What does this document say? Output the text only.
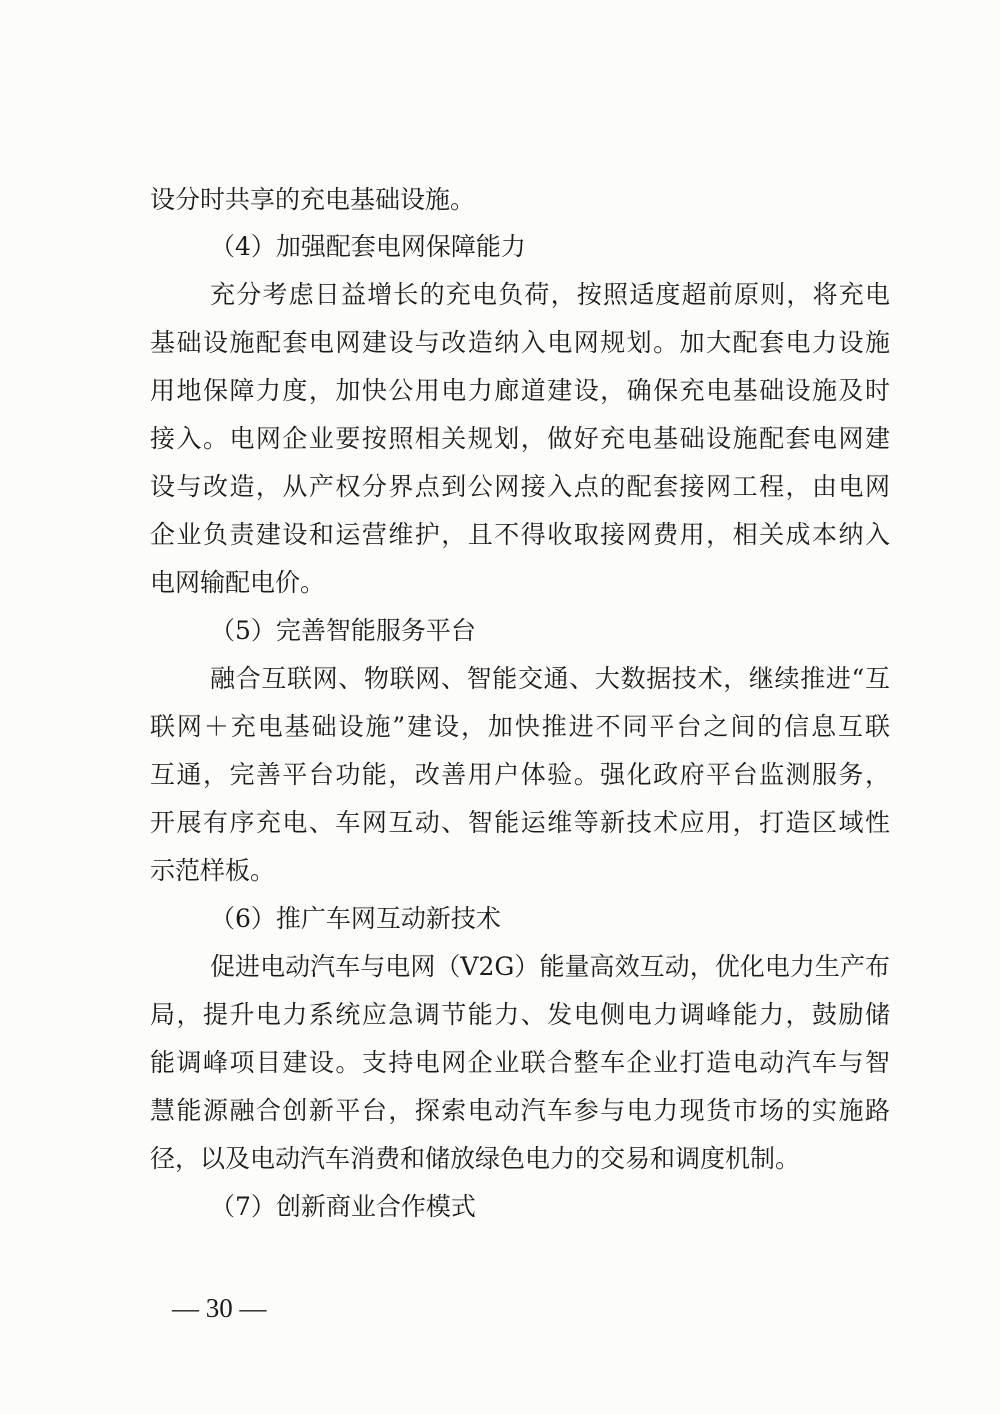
设分时共享的充电基础设施。

（4）加强配套电网保障能力

充分考虑日益增长的充电负荷，按照适度超前原则，将充电

基础设施配套电网建设与改造纳入电网规划。加大配套电力设施

用地保障力度，加快公用电力廊道建设，确保充电基础设施及时

接入。电网企业要按照相关规划，做好充电基础设施配套电网建

设与改造，从产权分界点到公网接入点的配套接网工程，由电网

企业负责建设和运营维护，且不得收取接网费用，相关成本纳入

电网输配电价。

（5）完善智能服务平台

融合互联网、物联网、智能交通、大数据技术，继续推进“互

联网＋充电基础设施”建设，加快推进不同平台之间的信息互联

互通，完善平台功能，改善用户体验。强化政府平台监测服务，

开展有序充电、车网互动、智能运维等新技术应用，打造区域性

示范样板。

（6）推广车网互动新技术

促进电动汽车与电网（V2G）能量高效互动，优化电力生产布

局，提升电力系统应急调节能力、发电侧电力调峰能力，鼓励储

能调峰项目建设。支持电网企业联合整车企业打造电动汽车与智

慧能源融合创新平台，探索电动汽车参与电力现货市场的实施路

径，以及电动汽车消费和储放绿色电力的交易和调度机制。

（7）创新商业合作模式

— 30 —
